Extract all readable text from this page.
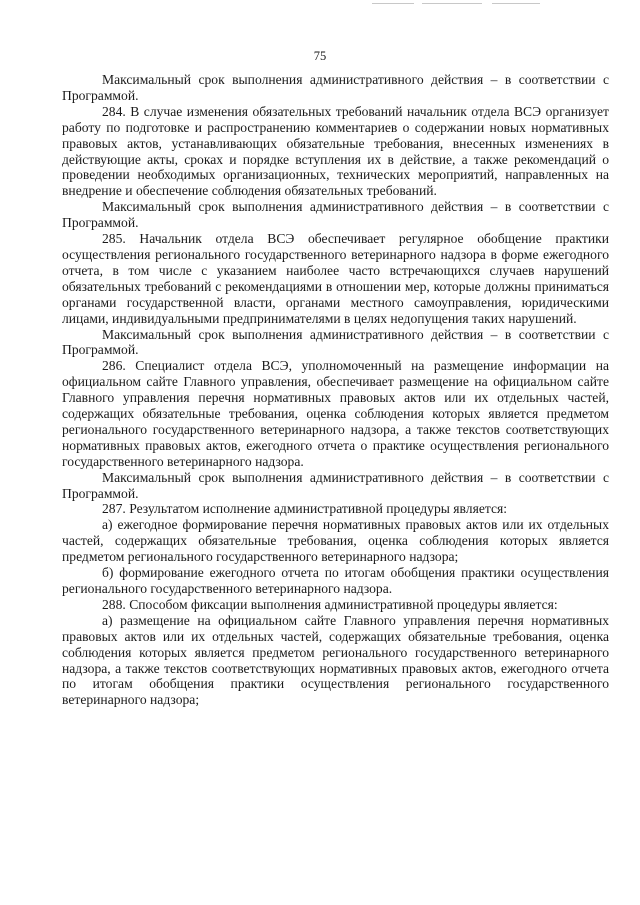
75

Максимальный срок выполнения административного действия – в соответствии с Программой.

284. В случае изменения обязательных требований начальник отдела ВСЭ организует работу по подготовке и распространению комментариев о содержании новых нормативных правовых актов, устанавливающих обязательные требования, внесенных изменениях в действующие акты, сроках и порядке вступления их в действие, а также рекомендаций о проведении необходимых организационных, технических мероприятий, направленных на внедрение и обеспечение соблюдения обязательных требований.

Максимальный срок выполнения административного действия – в соответствии с Программой.

285. Начальник отдела ВСЭ обеспечивает регулярное обобщение практики осуществления регионального государственного ветеринарного надзора в форме ежегодного отчета, в том числе с указанием наиболее часто встречающихся случаев нарушений обязательных требований с рекомендациями в отношении мер, которые должны приниматься органами государственной власти, органами местного самоуправления, юридическими лицами, индивидуальными предпринимателями в целях недопущения таких нарушений.

Максимальный срок выполнения административного действия – в соответствии с Программой.

286. Специалист отдела ВСЭ, уполномоченный на размещение информации на официальном сайте Главного управления, обеспечивает размещение на официальном сайте Главного управления перечня нормативных правовых актов или их отдельных частей, содержащих обязательные требования, оценка соблюдения которых является предметом регионального государственного ветеринарного надзора, а также текстов соответствующих нормативных правовых актов, ежегодного отчета о практике осуществления регионального государственного ветеринарного надзора.

Максимальный срок выполнения административного действия – в соответствии с Программой.

287. Результатом исполнение административной процедуры является:

а) ежегодное формирование перечня нормативных правовых актов или их отдельных частей, содержащих обязательные требования, оценка соблюдения которых является предметом регионального государственного ветеринарного надзора;

б) формирование ежегодного отчета по итогам обобщения практики осуществления регионального государственного ветеринарного надзора.

288. Способом фиксации выполнения административной процедуры является:

а) размещение на официальном сайте Главного управления перечня нормативных правовых актов или их отдельных частей, содержащих обязательные требования, оценка соблюдения которых является предметом регионального государственного ветеринарного надзора, а также текстов соответствующих нормативных правовых актов, ежегодного отчета по итогам обобщения практики осуществления регионального государственного ветеринарного надзора;
